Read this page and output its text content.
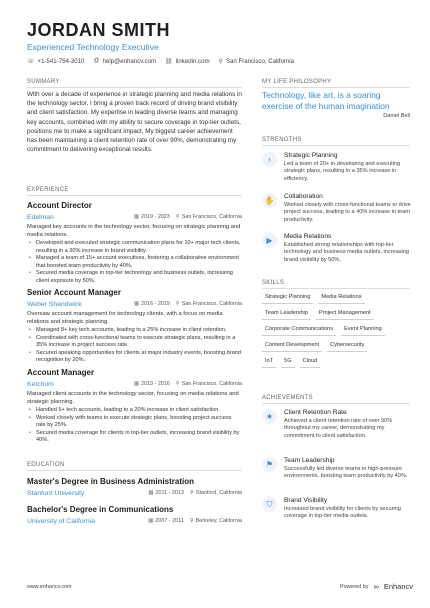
JORDAN SMITH
Experienced Technology Executive
☏ +1-541-754-3010 @ help@enhancv.com ⛓ linkedin.com ⚲ San Francisco, California
SUMMARY
With over a decade of experience in strategic planning and media relations in the technology sector, I bring a proven track record of driving brand visibility and client satisfaction. My expertise in leading diverse teams and managing key accounts, combined with my ability to secure coverage in top-tier outlets, positions me to make a significant impact. My biggest career achievement has been maintaining a client retention rate of over 90%, demonstrating my commitment to delivering exceptional results.
EXPERIENCE
Account Director
Edelman	▦ 2019 - 2023 ⚲ San Francisco, California
Managed key accounts in the technology sector, focusing on strategic planning and media relations.
• Developed and executed strategic communication plans for 10+ major tech clients, resulting in a 30% increase in brand visibility.
• Managed a team of 15+ account executives, fostering a collaborative environment that boosted team productivity by 40%.
• Secured media coverage in top-tier technology and business outlets, increasing client exposure by 50%.
Senior Account Manager
Weber Shandwick	▦ 2016 - 2019 ⚲ San Francisco, California
Oversaw account management for technology clients, with a focus on media relations and strategic planning.
• Managed 8+ key tech accounts, leading to a 25% increase in client retention.
• Coordinated with cross-functional teams to execute strategic plans, resulting in a 35% increase in project success rate.
• Secured speaking opportunities for clients at major industry events, boosting brand recognition by 20%.
Account Manager
Ketchum	▦ 2013 - 2016 ⚲ San Francisco, California
Managed client accounts in the technology sector, focusing on media relations and strategic planning.
• Handled 5+ tech accounts, leading to a 20% increase in client satisfaction.
• Worked closely with teams to execute strategic plans, boosting project success rate by 25%.
• Secured media coverage for clients in top-tier outlets, increasing brand visibility by 40%.
EDUCATION
Master's Degree in Business Administration
Stanford University	▦ 2011 - 2013 ⚲ Stanford, California
Bachelor's Degree in Communications
University of California	▦ 2007 - 2011 ⚲ Berkeley, California
MY LIFE PHILOSOPHY
Technology, like art, is a soaring exercise of the human imagination
Daniel Bell
STRENGTHS
♁	Strategic Planning
Led a team of 20+ in developing and executing strategic plans, resulting in a 35% increase in efficiency.
✋	Collaboration
Worked closely with cross-functional teams to drive project success, leading to a 40% increase in team productivity.
▶	Media Relations
Established strong relationships with top-tier technology and business media outlets, increasing brand visibility by 50%.
SKILLS
Strategic Planning	Media Relations
Team Leadership	Project Management
Corporate Communications	Event Planning
Content Development	Cybersecurity
IoT	5G	Cloud
ACHIEVEMENTS
★	Client Retention Rate
Achieved a client retention rate of over 90% throughout my career, demonstrating my commitment to client satisfaction.
⚑	Team Leadership
Successfully led diverse teams in high-pressure environments, boosting team productivity by 40%.
⛉	Brand Visibility
Increased brand visibility for clients by securing coverage in top-tier media outlets.
www.enhancv.com	Powered by ∞ Enhancv
